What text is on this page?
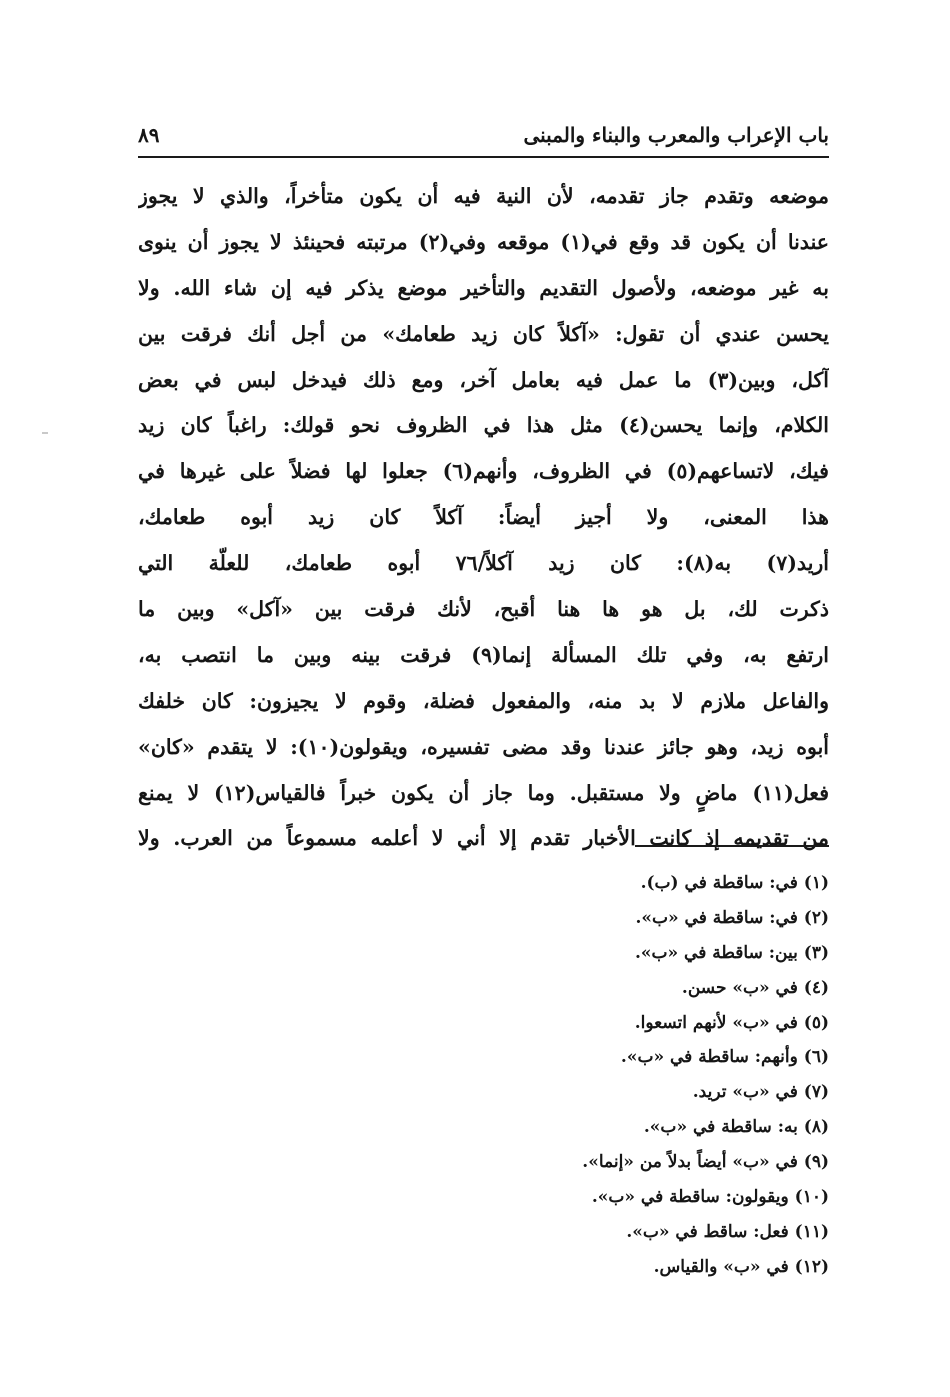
باب الإعراب والمعرب والبناء والمبنى
٨٩
موضعه وتقدم جاز تقدمه، لأن النية فيه أن يكون متأخراً، والذي لا يجوز
عندنا أن يكون قد وقع في(١) موقعه وفي(٢) مرتبته فحينئذ لا يجوز أن ينوى
به غير موضعه، ولأصول التقديم والتأخير موضع يذكر فيه إن شاء الله. ولا
يحسن عندي أن تقول: «آكلاً كان زيد طعامك» من أجل أنك فرقت بين
آكل، وبين(٣) ما عمل فيه بعامل آخر، ومع ذلك فيدخل لبس في بعض
الكلام، وإنما يحسن(٤) مثل هذا في الظروف نحو قولك: راغباً كان زيد
فيك، لاتساعهم(٥) في الظروف، وأنهم(٦) جعلوا لها فضلاً على غيرها في
هذا المعنى، ولا أجيز أيضاً: آكلاً كان زيد أبوه طعامك،
أريد(٧) به(٨): كان زيد آكلاً/٧٦ أبوه طعامك، للعلّة التي
ذكرت لك، بل هو ها هنا أقبح، لأنك فرقت بين «آكل» وبين ما
ارتفع به، وفي تلك المسألة إنما(٩) فرقت بينه وبين ما انتصب به،
والفاعل ملازم لا بد منه، والمفعول فضلة، وقوم لا يجيزون: كان خلفك
أبوه زيد، وهو جائز عندنا وقد مضى تفسيره، ويقولون(١٠): لا يتقدم «كان»
فعل(١١) ماضٍ ولا مستقبل. وما جاز أن يكون خبراً فالقياس(١٢) لا يمنع
من تقديمه إذ كانت الأخبار تقدم إلا أني لا أعلمه مسموعاً من العرب. ولا
(١) في: ساقطة في (ب).
(٢) في: ساقطة في «ب».
(٣) بين: ساقطة في «ب».
(٤) في «ب» حسن.
(٥) في «ب» لأنهم اتسعوا.
(٦) وأنهم: ساقطة في «ب».
(٧) في «ب» تريد.
(٨) به: ساقطة في «ب».
(٩) في «ب» أيضاً بدلاً من «إنما».
(١٠) ويقولون: ساقطة في «ب».
(١١) فعل: ساقط في «ب».
(١٢) في «ب» والقياس.
